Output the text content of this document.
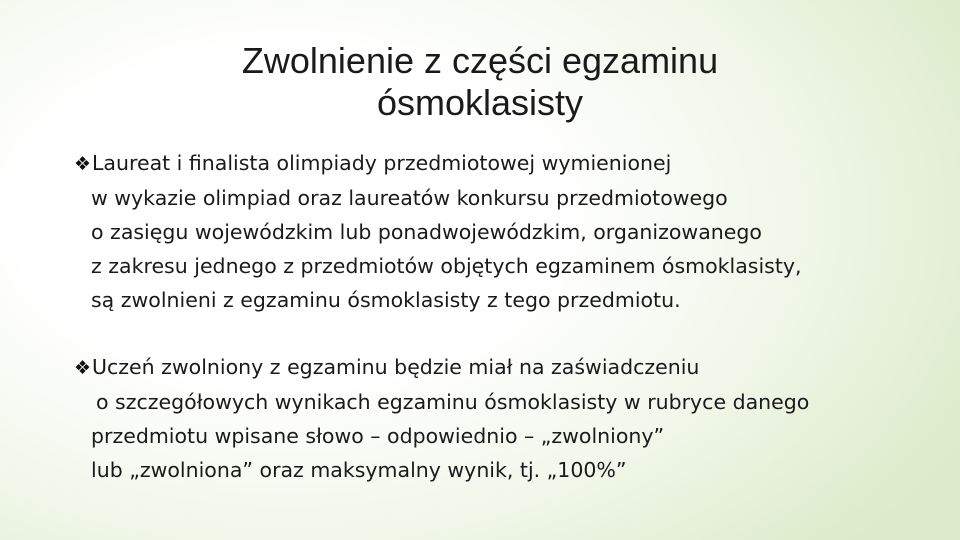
Zwolnienie z części egzaminu
ósmoklasisty
❖Laureat i finalista olimpiady przedmiotowej wymienionej
w wykazie olimpiad oraz laureatów konkursu przedmiotowego
o zasięgu wojewódzkim lub ponadwojewódzkim, organizowanego
z zakresu jednego z przedmiotów objętych egzaminem ósmoklasisty,
są zwolnieni z egzaminu ósmoklasisty z tego przedmiotu.
❖Uczeń zwolniony z egzaminu będzie miał na zaświadczeniu
o szczegółowych wynikach egzaminu ósmoklasisty w rubryce danego
przedmiotu wpisane słowo – odpowiednio – „zwolniony”
lub „zwolniona” oraz maksymalny wynik, tj. „100%”
